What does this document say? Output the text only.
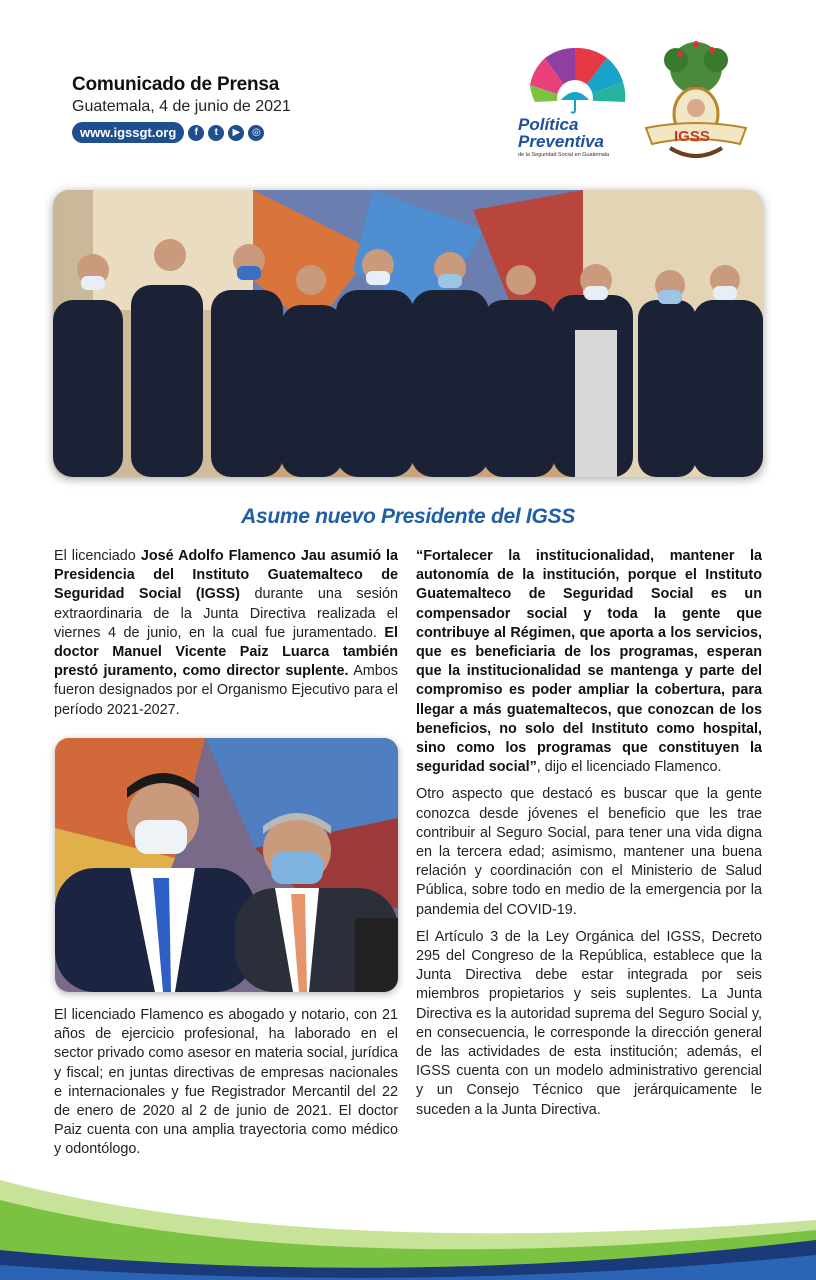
Comunicado de Prensa
Guatemala, 4 de junio de 2021
www.igssgt.org	f	t	▶	◎	Política
Preventiva
de la Seguridad Social en Guatemala
IGSS
Asume nuevo Presidente del IGSS

El licenciado José Adolfo Flamenco Jau asumió la Presidencia del Instituto Guatemalteco de Seguridad Social (IGSS) durante una sesión extraordinaria de la Junta Directiva realizada el viernes 4 de junio, en la cual fue juramentado. El doctor Manuel Vicente Paiz Luarca también prestó juramento, como director suplente. Ambos fueron designados por el Organismo Ejecutivo para el período 2021-2027.

El licenciado Flamenco es abogado y notario, con 21 años de ejercicio profesional, ha laborado en el sector privado como asesor en materia social, jurídica y fiscal; en juntas directivas de empresas nacionales e internacionales y fue Registrador Mercantil del 22 de enero de 2020 al 2 de junio de 2021. El doctor Paiz cuenta con una amplia trayectoria como médico y odontólogo.

“Fortalecer la institucionalidad, mantener la autonomía de la institución, porque el Instituto Guatemalteco de Seguridad Social es un compensador social y toda la gente que contribuye al Régimen, que aporta a los servicios, que es beneficiaria de los programas, esperan que la institucionalidad se mantenga y parte del compromiso es poder ampliar la cobertura, para llegar a más guatemaltecos, que conozcan de los beneficios, no solo del Instituto como hospital, sino como los programas que constituyen la seguridad social”, dijo el licenciado Flamenco.

Otro aspecto que destacó es buscar que la gente conozca desde jóvenes el beneficio que les trae contribuir al Seguro Social, para tener una vida digna en la tercera edad; asimismo, mantener una buena relación y coordinación con el Ministerio de Salud Pública, sobre todo en medio de la emergencia por la pandemia del COVID-19.

El Artículo 3 de la Ley Orgánica del IGSS, Decreto 295 del Congreso de la República, establece que la Junta Directiva debe estar integrada por seis miembros propietarios y seis suplentes. La Junta Directiva es la autoridad suprema del Seguro Social y, en consecuencia, le corresponde la dirección general de las actividades de esta institución; además, el IGSS cuenta con un modelo administrativo gerencial y un Consejo Técnico que jerárquicamente le suceden a la Junta Directiva.
